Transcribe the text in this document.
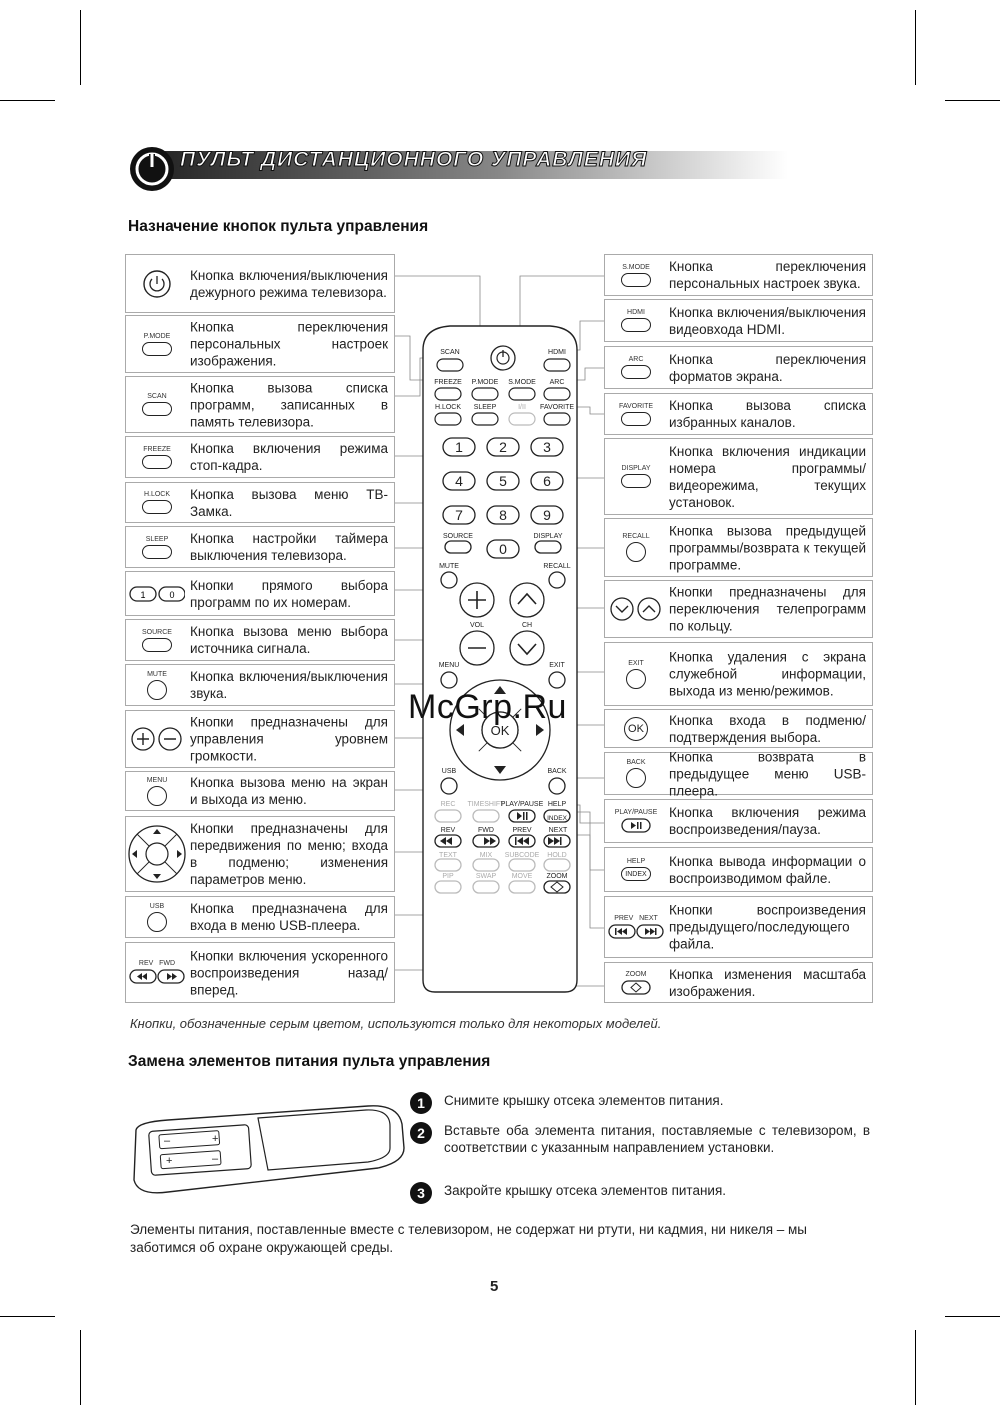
ПУЛЬТ ДИСТАНЦИОННОГО УПРАВЛЕНИЯ
Назначение кнопок пульта управления
Кнопка включения/выключения дежурного режима телевизора.
P.MODE
Кнопка переключения персональных настроек изображения.
SCAN
Кнопка вызова списка программ, записанных в память телевизора.
FREEZE Кнопка включения режима стоп-кадра.
H.LOCK Кнопка вызова меню ТВ-Замка.
SLEEP Кнопка настройки таймера выключения телевизора.
1	0
Кнопки прямого выбора программ по их номерам.
SOURCE Кнопка вызова меню выбора источника сигнала.
MUTE Кнопка включения/выключения звука.
Кнопки предназначены для управления уровнем громкости.
MENU Кнопка вызова меню на экран и выхода из меню.
Кнопки предназначены для передвижения по меню; входа в подменю; изменения параметров меню.
USB Кнопка предназначена для входа в меню USB-плеера.
REV   FWD
Кнопки включения ускоренного воспроизведения назад/вперед.
S.MODE Кнопка переключения персональных настроек звука.
HDMI Кнопка включения/выключения видеовхода HDMI.
ARC Кнопка переключения форматов экрана.
FAVORITE Кнопка вызова списка избранных каналов.
DISPLAY
Кнопка включения индикации номера программы/видеорежима, текущих установок.
RECALL Кнопка вызова предыдущей программы/возврата к текущей программе.
Кнопки предназначены для переключения телепрограмм по кольцу.
EXIT Кнопка удаления с экрана служебной информации, выхода из меню/режимов.
OK
Кнопка входа в подменю/подтверждения выбора.
BACK Кнопка возврата в предыдущее меню USB-плеера.
PLAY/PAUSE Кнопка включения режима воспроизведения/пауза.
HELP
INDEX
Кнопка вывода информации о воспроизводимом файле.
PREV   NEXT
Кнопки воспроизведения предыдущего/последующего файла.
ZOOM Кнопка изменения масштаба изображения.
SCAN	HDMI
FREEZE P.MODE S.MODE ARC
H.LOCK SLEEP	I/II FAVORITE
SOURCE	DISPLAY
MUTE	RECALL
VOL	CH
MENU	EXIT
USB	BACK
REC TIMESHIFT
PLAY/PAUSE HELP
REV	FWD	PREV NEXT
TEXT	MIX SUBCODE HOLD
PIP	SWAP MOVE ZOOM
1	2	3
4	5	6
7	8	9
0
OK
INDEX
McGrp.Ru
Кнопки, обозначенные серым цветом, используются только для некоторых моделей.
Замена элементов питания пульта управления
–	+
+	–
1	Снимите крышку отсека элементов питания.
2	Вставьте оба элемента питания, поставляемые с телевизором, в соответствии с указанным направлением установки.
3	Закройте крышку отсека элементов питания.
Элементы питания, поставленные вместе с телевизором, не содержат ни ртути, ни кадмия, ни никеля – мы заботимся об охране окружающей среды.
5
